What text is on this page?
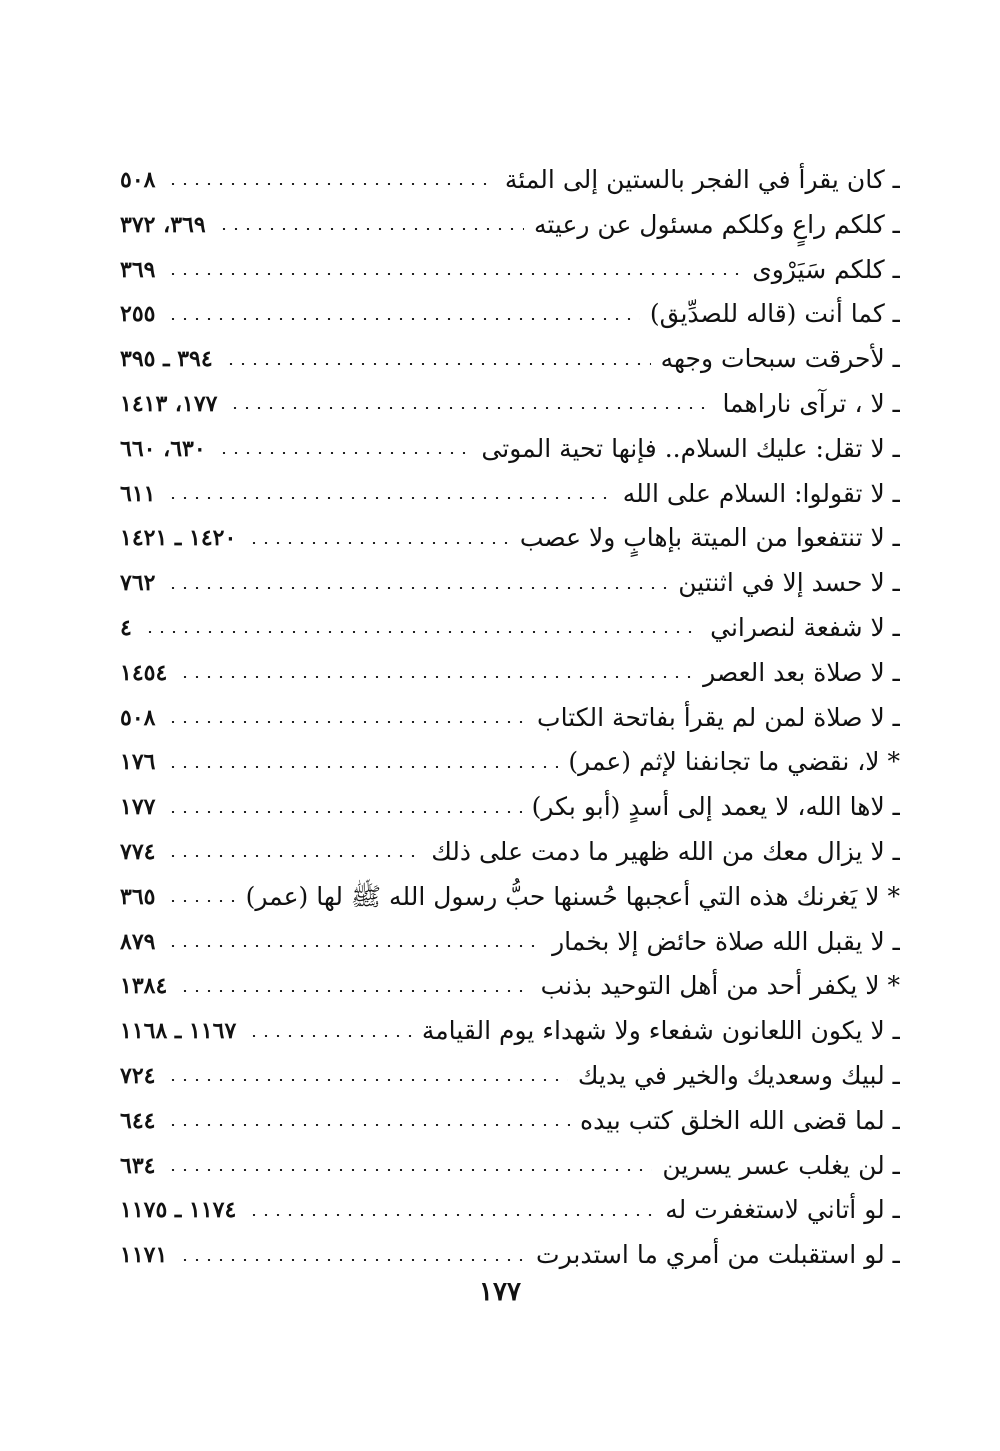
ـ كان يقرأ في الفجر بالستين إلى المئة
٥٠٨
ـ كلكم راعٍ وكلكم مسئول عن رعيته
٣٦٩، ٣٧٢
ـ كلكم سَيَرْوى
٣٦٩
ـ كما أنت (قاله للصدِّيق)
٢٥٥
ـ لأحرقت سبحات وجهه
٣٩٤ ـ ٣٩٥
ـ لا ، ترآى ناراهما
١٧٧، ١٤١٣
ـ لا تقل: عليك السلام.. فإنها تحية الموتى
٦٣٠، ٦٦٠
ـ لا تقولوا: السلام على الله
٦١١
ـ لا تنتفعوا من الميتة بإهابٍ ولا عصب
١٤٢٠ ـ ١٤٢١
ـ لا حسد إلا في اثنتين
٧٦٢
ـ لا شفعة لنصراني
٤
ـ لا صلاة بعد العصر
١٤٥٤
ـ لا صلاة لمن لم يقرأ بفاتحة الكتاب
٥٠٨
* لا، نقضي ما تجانفنا لإثم (عمر)
١٧٦
ـ لاها الله، لا يعمد إلى أسدٍ (أبو بكر)
١٧٧
ـ لا يزال معك من الله ظهير ما دمت على ذلك
٧٧٤
* لا يَغرنك هذه التي أعجبها حُسنها حبُّ رسول الله ﷺ لها (عمر)
٣٦٥
ـ لا يقبل الله صلاة حائض إلا بخمار
٨٧٩
* لا يكفر أحد من أهل التوحيد بذنب
١٣٨٤
ـ لا يكون اللعانون شفعاء ولا شهداء يوم القيامة
١١٦٧ ـ ١١٦٨
ـ لبيك وسعديك والخير في يديك
٧٢٤
ـ لما قضى الله الخلق كتب بيده
٦٤٤
ـ لن يغلب عسر يسرين
٦٣٤
ـ لو أتاني لاستغفرت له
١١٧٤ ـ ١١٧٥
ـ لو استقبلت من أمري ما استدبرت
١١٧١
١٧٧
